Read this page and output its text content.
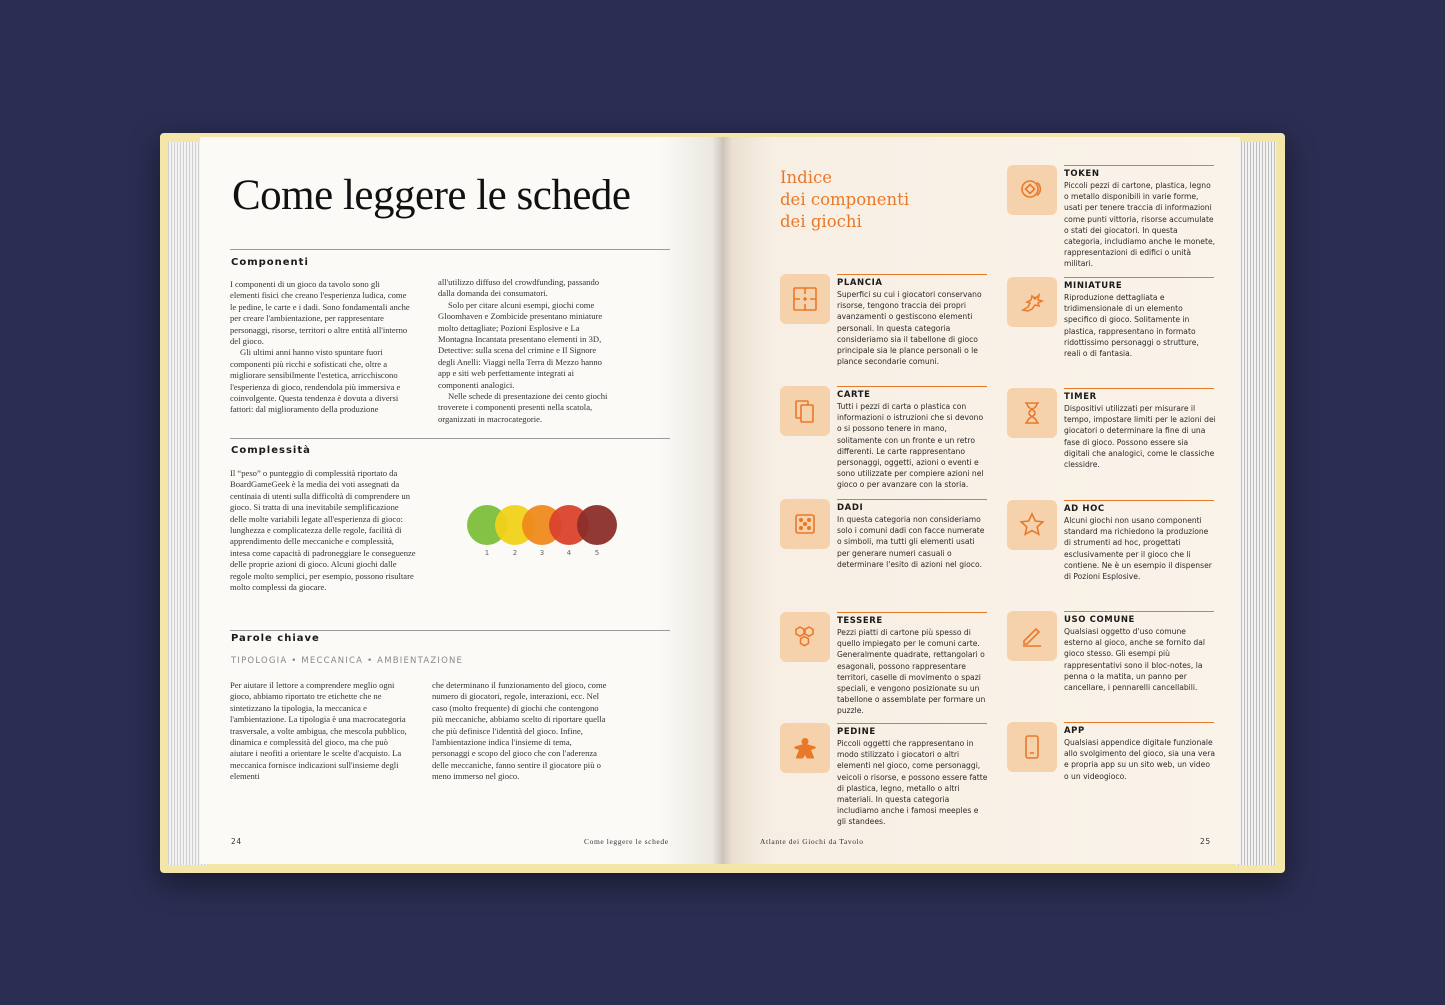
Come leggere le schede
Componenti

I componenti di un gioco da tavolo sono gli elementi fisici che creano l'esperienza ludica, come le pedine, le carte e i dadi. Sono fondamentali anche per creare l'ambientazione, per rappresentare personaggi, risorse, territori o altre entità all'interno del gioco.

Gli ultimi anni hanno visto spuntare fuori componenti più ricchi e sofisticati che, oltre a migliorare sensibilmente l'estetica, arricchiscono l'esperienza di gioco, rendendola più immersiva e coinvolgente. Questa tendenza è dovuta a diversi fattori: dal miglioramento della produzione

all'utilizzo diffuso del crowdfunding, passando dalla domanda dei consumatori.

Solo per citare alcuni esempi, giochi come Gloomhaven e Zombicide presentano miniature molto dettagliate; Pozioni Esplosive e La Montagna Incantata presentano elementi in 3D, Detective: sulla scena del crimine e Il Signore degli Anelli: Viaggi nella Terra di Mezzo hanno app e siti web perfettamente integrati ai componenti analogici.

Nelle schede di presentazione dei cento giochi troverete i componenti presenti nella scatola, organizzati in macrocategorie.

Complessità
Il “peso” o punteggio di complessità riportato da BoardGameGeek è la media dei voti assegnati da centinaia di utenti sulla difficoltà di comprendere un gioco. Si tratta di una inevitabile semplificazione delle molte variabili legate all'esperienza di gioco: lunghezza e complicatezza delle regole, facilità di apprendimento delle meccaniche e complessità, intesa come capacità di padroneggiare le conseguenze delle proprie azioni di gioco. Alcuni giochi dalle regole molto semplici, per esempio, possono risultare molto complessi da giocare.
1	2	3	4	5
Parole chiave
TIPOLOGIA • MECCANICA • AMBIENTAZIONE
Per aiutare il lettore a comprendere meglio ogni gioco, abbiamo riportato tre etichette che ne sintetizzano la tipologia, la meccanica e l'ambientazione. La tipologia è una macrocategoria trasversale, a volte ambigua, che mescola pubblico, dinamica e complessità del gioco, ma che può aiutare i neofiti a orientare le scelte d'acquisto. La meccanica fornisce indicazioni sull'insieme degli elementi
che determinano il funzionamento del gioco, come numero di giocatori, regole, interazioni, ecc. Nel caso (molto frequente) di giochi che contengono più meccaniche, abbiamo scelto di riportare quella che più definisce l'identità del gioco. Infine, l'ambientazione indica l'insieme di tema, personaggi e scopo del gioco che con l'aderenza delle meccaniche, fanno sentire il giocatore più o meno immerso nel gioco.
24	Come leggere le schede
Indice
dei componenti
dei giochi
PLANCIA
Superfici su cui i giocatori conservano risorse, tengono traccia dei propri avanzamenti o gestiscono elementi personali. In questa categoria consideriamo sia il tabellone di gioco principale sia le plance personali o le plance secondarie comuni.
CARTE
Tutti i pezzi di carta o plastica con informazioni o istruzioni che si devono o si possono tenere in mano, solitamente con un fronte e un retro differenti. Le carte rappresentano personaggi, oggetti, azioni o eventi e sono utilizzate per compiere azioni nel gioco o per avanzare con la storia.
DADI
In questa categoria non consideriamo solo i comuni dadi con facce numerate o simboli, ma tutti gli elementi usati per generare numeri casuali o determinare l'esito di azioni nel gioco.
TESSERE
Pezzi piatti di cartone più spesso di quello impiegato per le comuni carte. Generalmente quadrate, rettangolari o esagonali, possono rappresentare territori, caselle di movimento o spazi speciali, e vengono posizionate su un tabellone o assemblate per formare un puzzle.
PEDINE
Piccoli oggetti che rappresentano in modo stilizzato i giocatori o altri elementi nel gioco, come personaggi, veicoli o risorse, e possono essere fatte di plastica, legno, metallo o altri materiali. In questa categoria includiamo anche i famosi meeples e gli standees.
TOKEN
Piccoli pezzi di cartone, plastica, legno o metallo disponibili in varie forme, usati per tenere traccia di informazioni come punti vittoria, risorse accumulate o stati dei giocatori. In questa categoria, includiamo anche le monete, rappresentazioni di edifici o unità militari.
MINIATURE
Riproduzione dettagliata e tridimensionale di un elemento specifico di gioco. Solitamente in plastica, rappresentano in formato ridottissimo personaggi o strutture, reali o di fantasia.
TIMER
Dispositivi utilizzati per misurare il tempo, impostare limiti per le azioni dei giocatori o determinare la fine di una fase di gioco. Possono essere sia digitali che analogici, come le classiche clessidre.
AD HOC
Alcuni giochi non usano componenti standard ma richiedono la produzione di strumenti ad hoc, progettati esclusivamente per il gioco che li contiene. Ne è un esempio il dispenser di Pozioni Esplosive.
USO COMUNE
Qualsiasi oggetto d'uso comune esterno al gioco, anche se fornito dal gioco stesso. Gli esempi più rappresentativi sono il bloc-notes, la penna o la matita, un panno per cancellare, i pennarelli cancellabili.
APP
Qualsiasi appendice digitale funzionale allo svolgimento del gioco, sia una vera e propria app su un sito web, un video o un videogioco.
Atlante dei Giochi da Tavolo	25
